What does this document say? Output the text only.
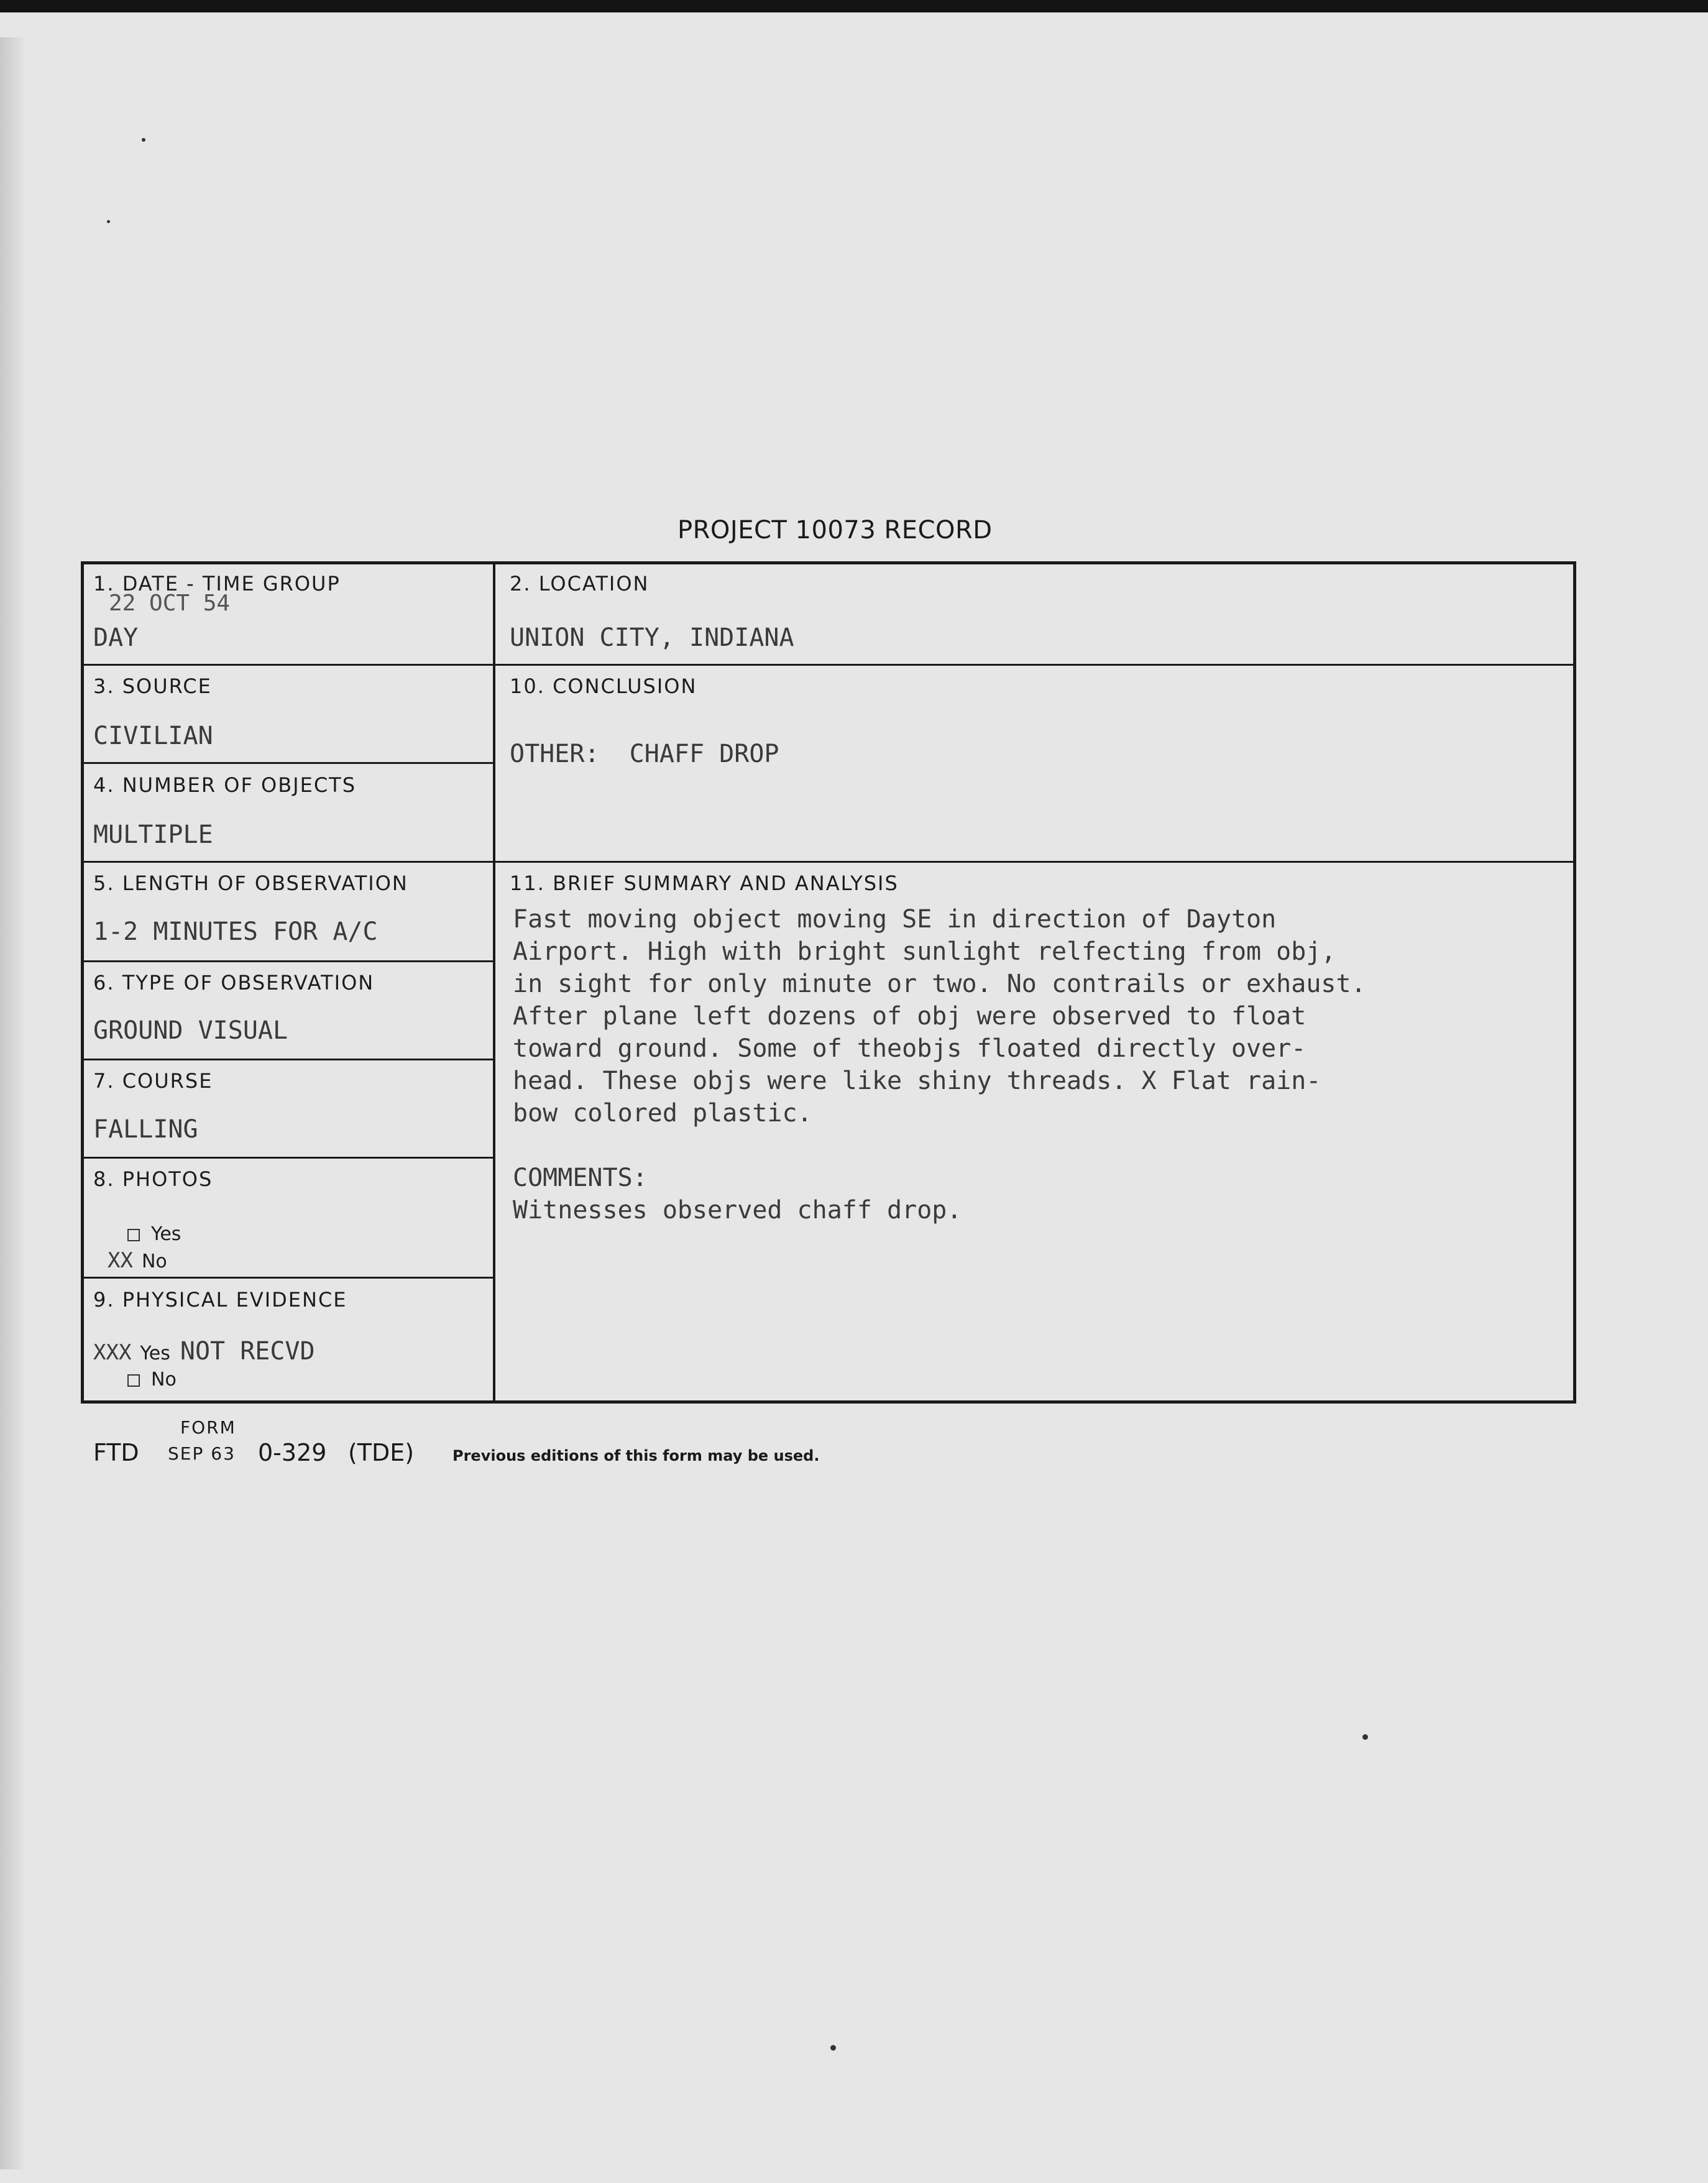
PROJECT 10073 RECORD
22 OCT 54
1. DATE - TIME GROUP
DAY
2. LOCATION
UNION CITY, INDIANA
3. SOURCE
CIVILIAN
10. CONCLUSION
OTHER:  CHAFF DROP
4. NUMBER OF OBJECTS
MULTIPLE
5. LENGTH OF OBSERVATION
1-2 MINUTES FOR A/C
11. BRIEF SUMMARY AND ANALYSIS

Fast moving object moving SE in direction of Dayton

Airport. High with bright sunlight relfecting from obj,

in sight for only minute or two. No contrails or exhaust.

After plane left dozens of obj were observed to float

toward ground. Some of theobjs floated directly over-

head. These objs were like shiny threads. X Flat rain-

bow colored plastic.

COMMENTS:

Witnesses observed chaff drop.

6. TYPE OF OBSERVATION
GROUND VISUAL
7. COURSE
FALLING
8. PHOTOS
Yes
XX No
9. PHYSICAL EVIDENCE
XXX Yes NOT RECVD
No
FORM
FTD SEP 63 0-329 (TDE)	Previous editions of this form may be used.
